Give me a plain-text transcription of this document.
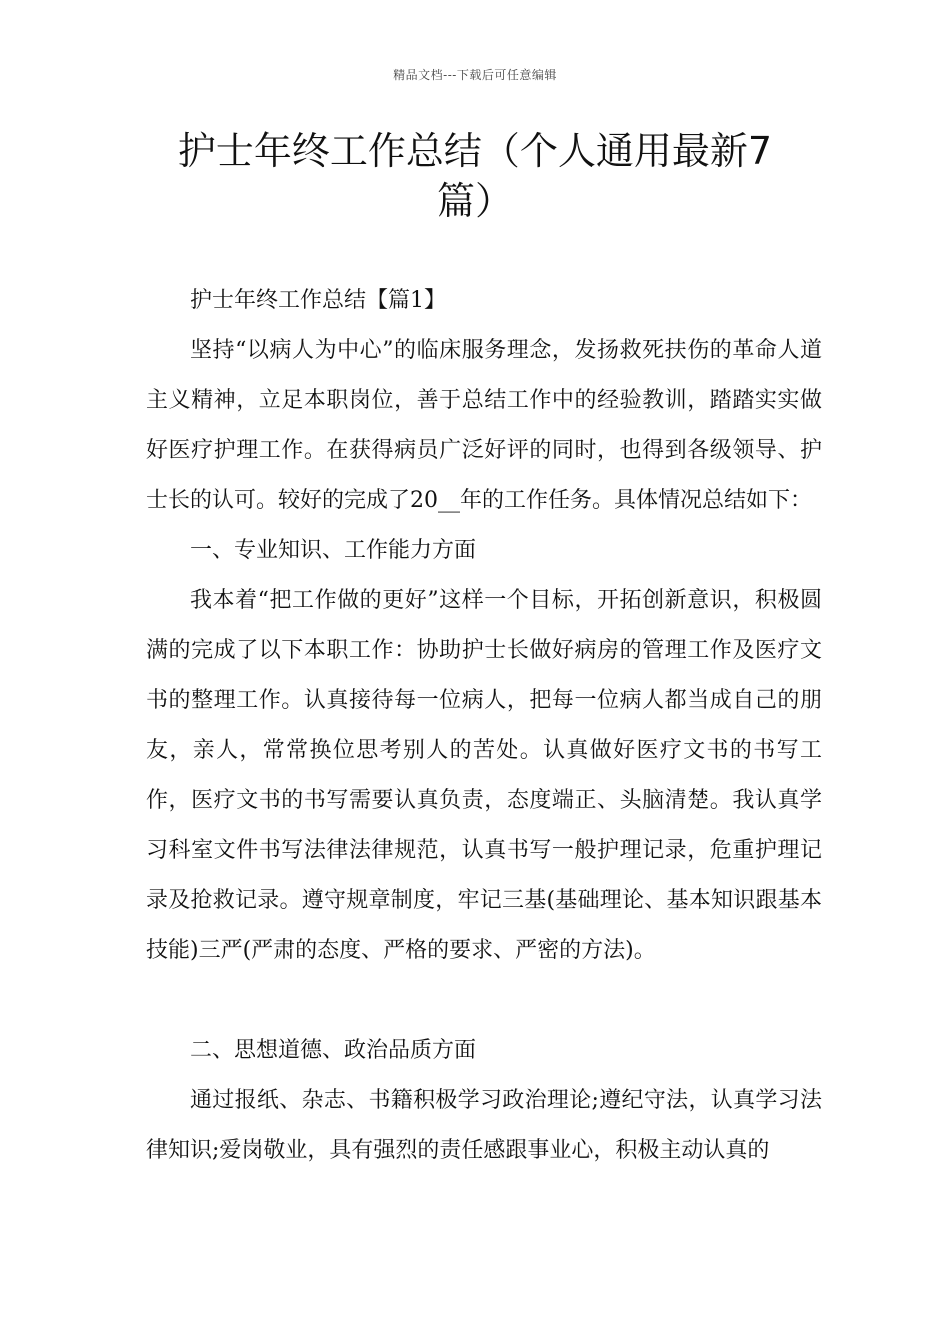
精品文档---下载后可任意编辑
护士年终工作总结（个人通用最新7篇）

护士年终工作总结【篇1】

坚持“以病人为中心”的临床服务理念，发扬救死扶伤的革命人道主义精神，立足本职岗位，善于总结工作中的经验教训，踏踏实实做好医疗护理工作。在获得病员广泛好评的同时，也得到各级领导、护士长的认可。较好的完成了20__年的工作任务。具体情况总结如下：

一、专业知识、工作能力方面

我本着“把工作做的更好”这样一个目标，开拓创新意识，积极圆满的完成了以下本职工作：协助护士长做好病房的管理工作及医疗文书的整理工作。认真接待每一位病人，把每一位病人都当成自己的朋友，亲人，常常换位思考别人的苦处。认真做好医疗文书的书写工作，医疗文书的书写需要认真负责，态度端正、头脑清楚。我认真学习科室文件书写法律法律规范，认真书写一般护理记录，危重护理记录及抢救记录。遵守规章制度，牢记三基(基础理论、基本知识跟基本技能)三严(严肃的态度、严格的要求、严密的方法)。

二、思想道德、政治品质方面

通过报纸、杂志、书籍积极学习政治理论;遵纪守法，认真学习法律知识;爱岗敬业，具有强烈的责任感跟事业心，积极主动认真的
